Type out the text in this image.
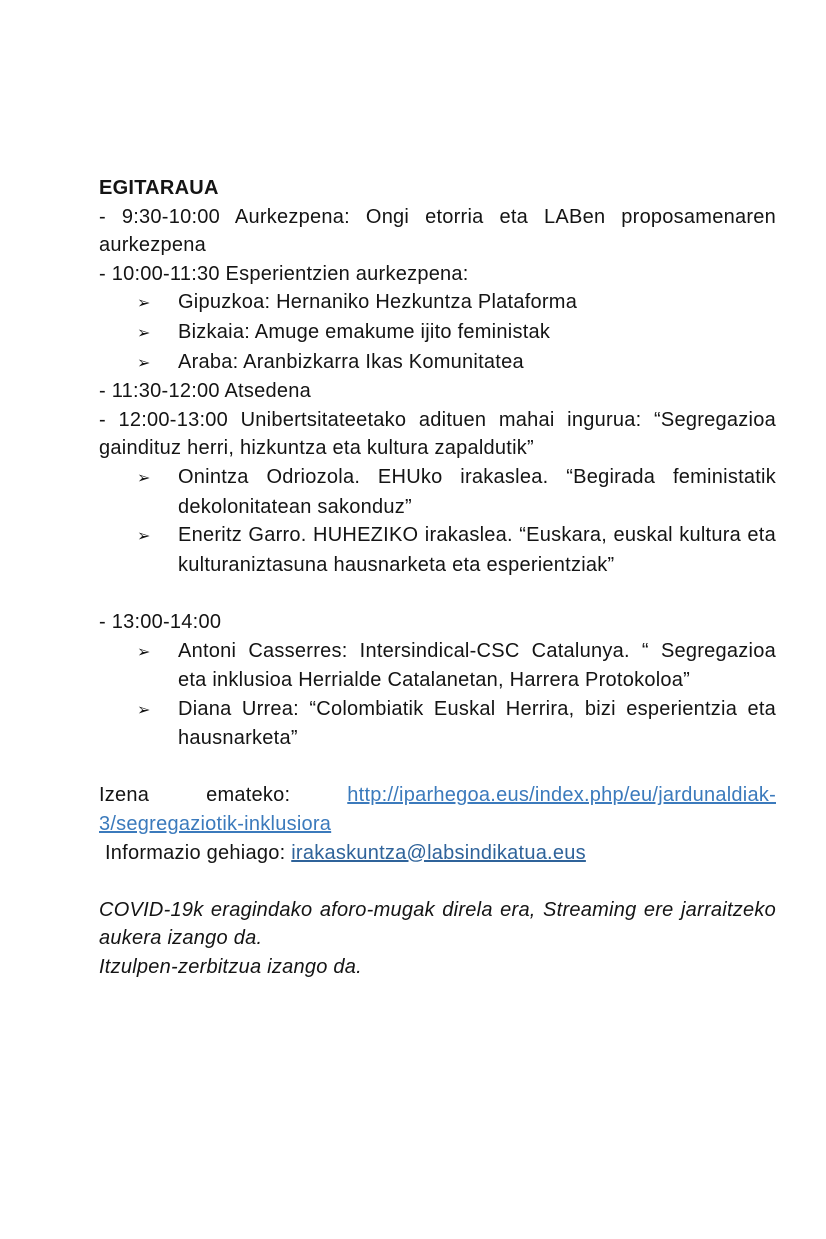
EGITARAUA

- 9:30-10:00 Aurkezpena: Ongi etorria eta LABen proposamenaren aurkezpena

- 10:00-11:30 Esperientzien aurkezpena:

➢ Gipuzkoa: Hernaniko Hezkuntza Plataforma
➢ Bizkaia: Amuge emakume ijito feministak
➢ Araba: Aranbizkarra Ikas Komunitatea

- 11:30-12:00 Atsedena

- 12:00-13:00 Unibertsitateetako adituen mahai ingurua: “Segregazioa gaindituz herri, hizkuntza eta kultura zapaldutik”

➢ Onintza Odriozola. EHUko irakaslea. “Begirada feministatik dekolonitatean sakonduz”
➢ Eneritz Garro. HUHEZIKO irakaslea. “Euskara, euskal kultura eta kulturaniztasuna hausnarketa eta esperientziak”

- 13:00-14:00

➢ Antoni Casserres: Intersindical-CSC Catalunya. “ Segregazioa eta inklusioa Herrialde Catalanetan, Harrera Protokoloa”
➢ Diana Urrea: “Colombiatik Euskal Herrira, bizi esperientzia eta hausnarketa”

Izena emateko:	http://iparhegoa.eus/index.php/eu/jardunaldiak-3/segregaziotik-inklusiora

Informazio gehiago: irakaskuntza@labsindikatua.eus

COVID-19k eragindako aforo-mugak direla era, Streaming ere jarraitzeko aukera izango da.

Itzulpen-zerbitzua izango da.
